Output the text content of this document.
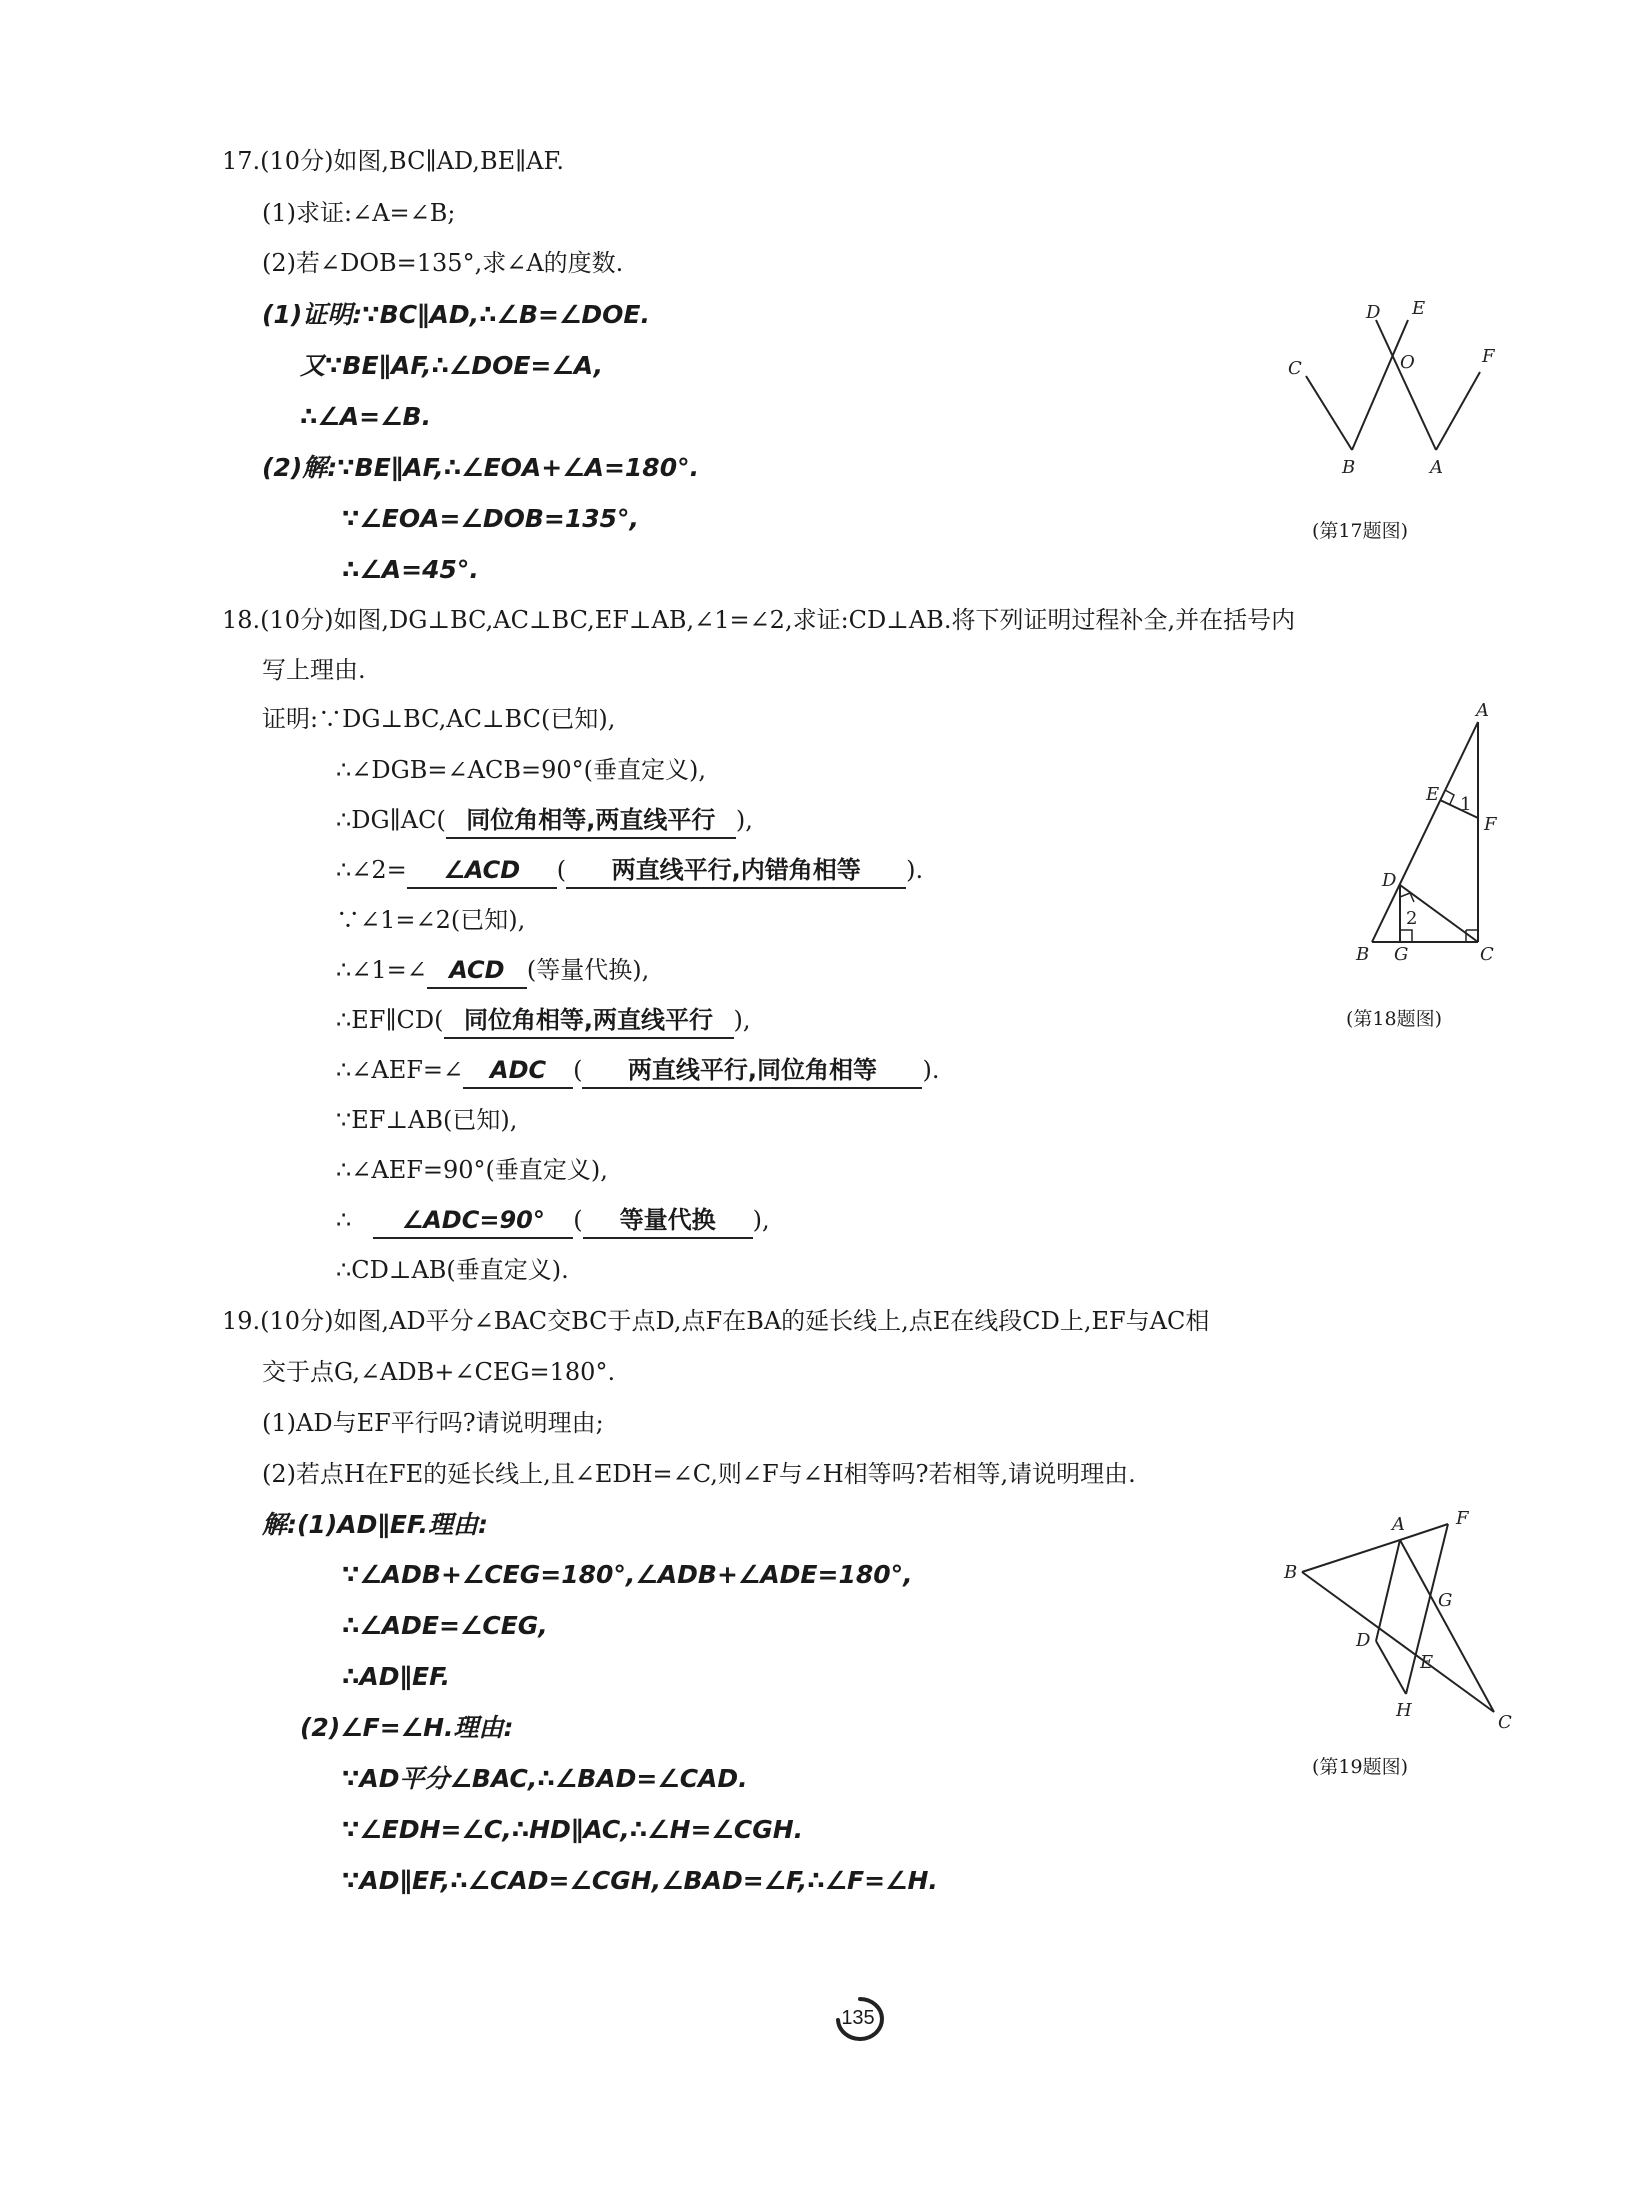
17.(10分)如图,BC∥AD,BE∥AF.
(1)求证:∠A=∠B;
(2)若∠DOB=135°,求∠A的度数.
(1)证明:∵BC∥AD,∴∠B=∠DOE.
又∵BE∥AF,∴∠DOE=∠A,
∴∠A=∠B.
(2)解:∵BE∥AF,∴∠EOA+∠A=180°.
∵∠EOA=∠DOB=135°,
∴∠A=45°.
D E
O
C
F
B	A
(第17题图)
18.(10分)如图,DG⊥BC,AC⊥BC,EF⊥AB,∠1=∠2,求证:CD⊥AB.将下列证明过程补全,并在括号内
写上理由.
证明:∵DG⊥BC,AC⊥BC(已知),
∴∠DGB=∠ACB=90°(垂直定义),
∴DG∥AC( 同位角相等,两直线平行 ),
∴∠2= ∠ACD ( 两直线平行,内错角相等 ).
∵∠1=∠2(已知),
∴∠1=∠ ACD (等量代换),
∴EF∥CD( 同位角相等,两直线平行 ),
∴∠AEF=∠ ADC ( 两直线平行,同位角相等 ).
∵EF⊥AB(已知),
∴∠AEF=90°(垂直定义),
∴ ∠ADC=90° ( 等量代换 ),
∴CD⊥AB(垂直定义).
A
E 1
F
D
2
B G	C
(第18题图)
19.(10分)如图,AD平分∠BAC交BC于点D,点F在BA的延长线上,点E在线段CD上,EF与AC相
交于点G,∠ADB+∠CEG=180°.
(1)AD与EF平行吗?请说明理由;
(2)若点H在FE的延长线上,且∠EDH=∠C,则∠F与∠H相等吗?若相等,请说明理由.
解:(1)AD∥EF.理由:
∵∠ADB+∠CEG=180°,∠ADB+∠ADE=180°,
∴∠ADE=∠CEG,
∴AD∥EF.
(2)∠F=∠H.理由:
∵AD平分∠BAC,∴∠BAD=∠CAD.
∵∠EDH=∠C,∴HD∥AC,∴∠H=∠CGH.
∵AD∥EF,∴∠CAD=∠CGH,∠BAD=∠F,∴∠F=∠H.
A	F
B
G
D
E
H
C
(第19题图)
135
